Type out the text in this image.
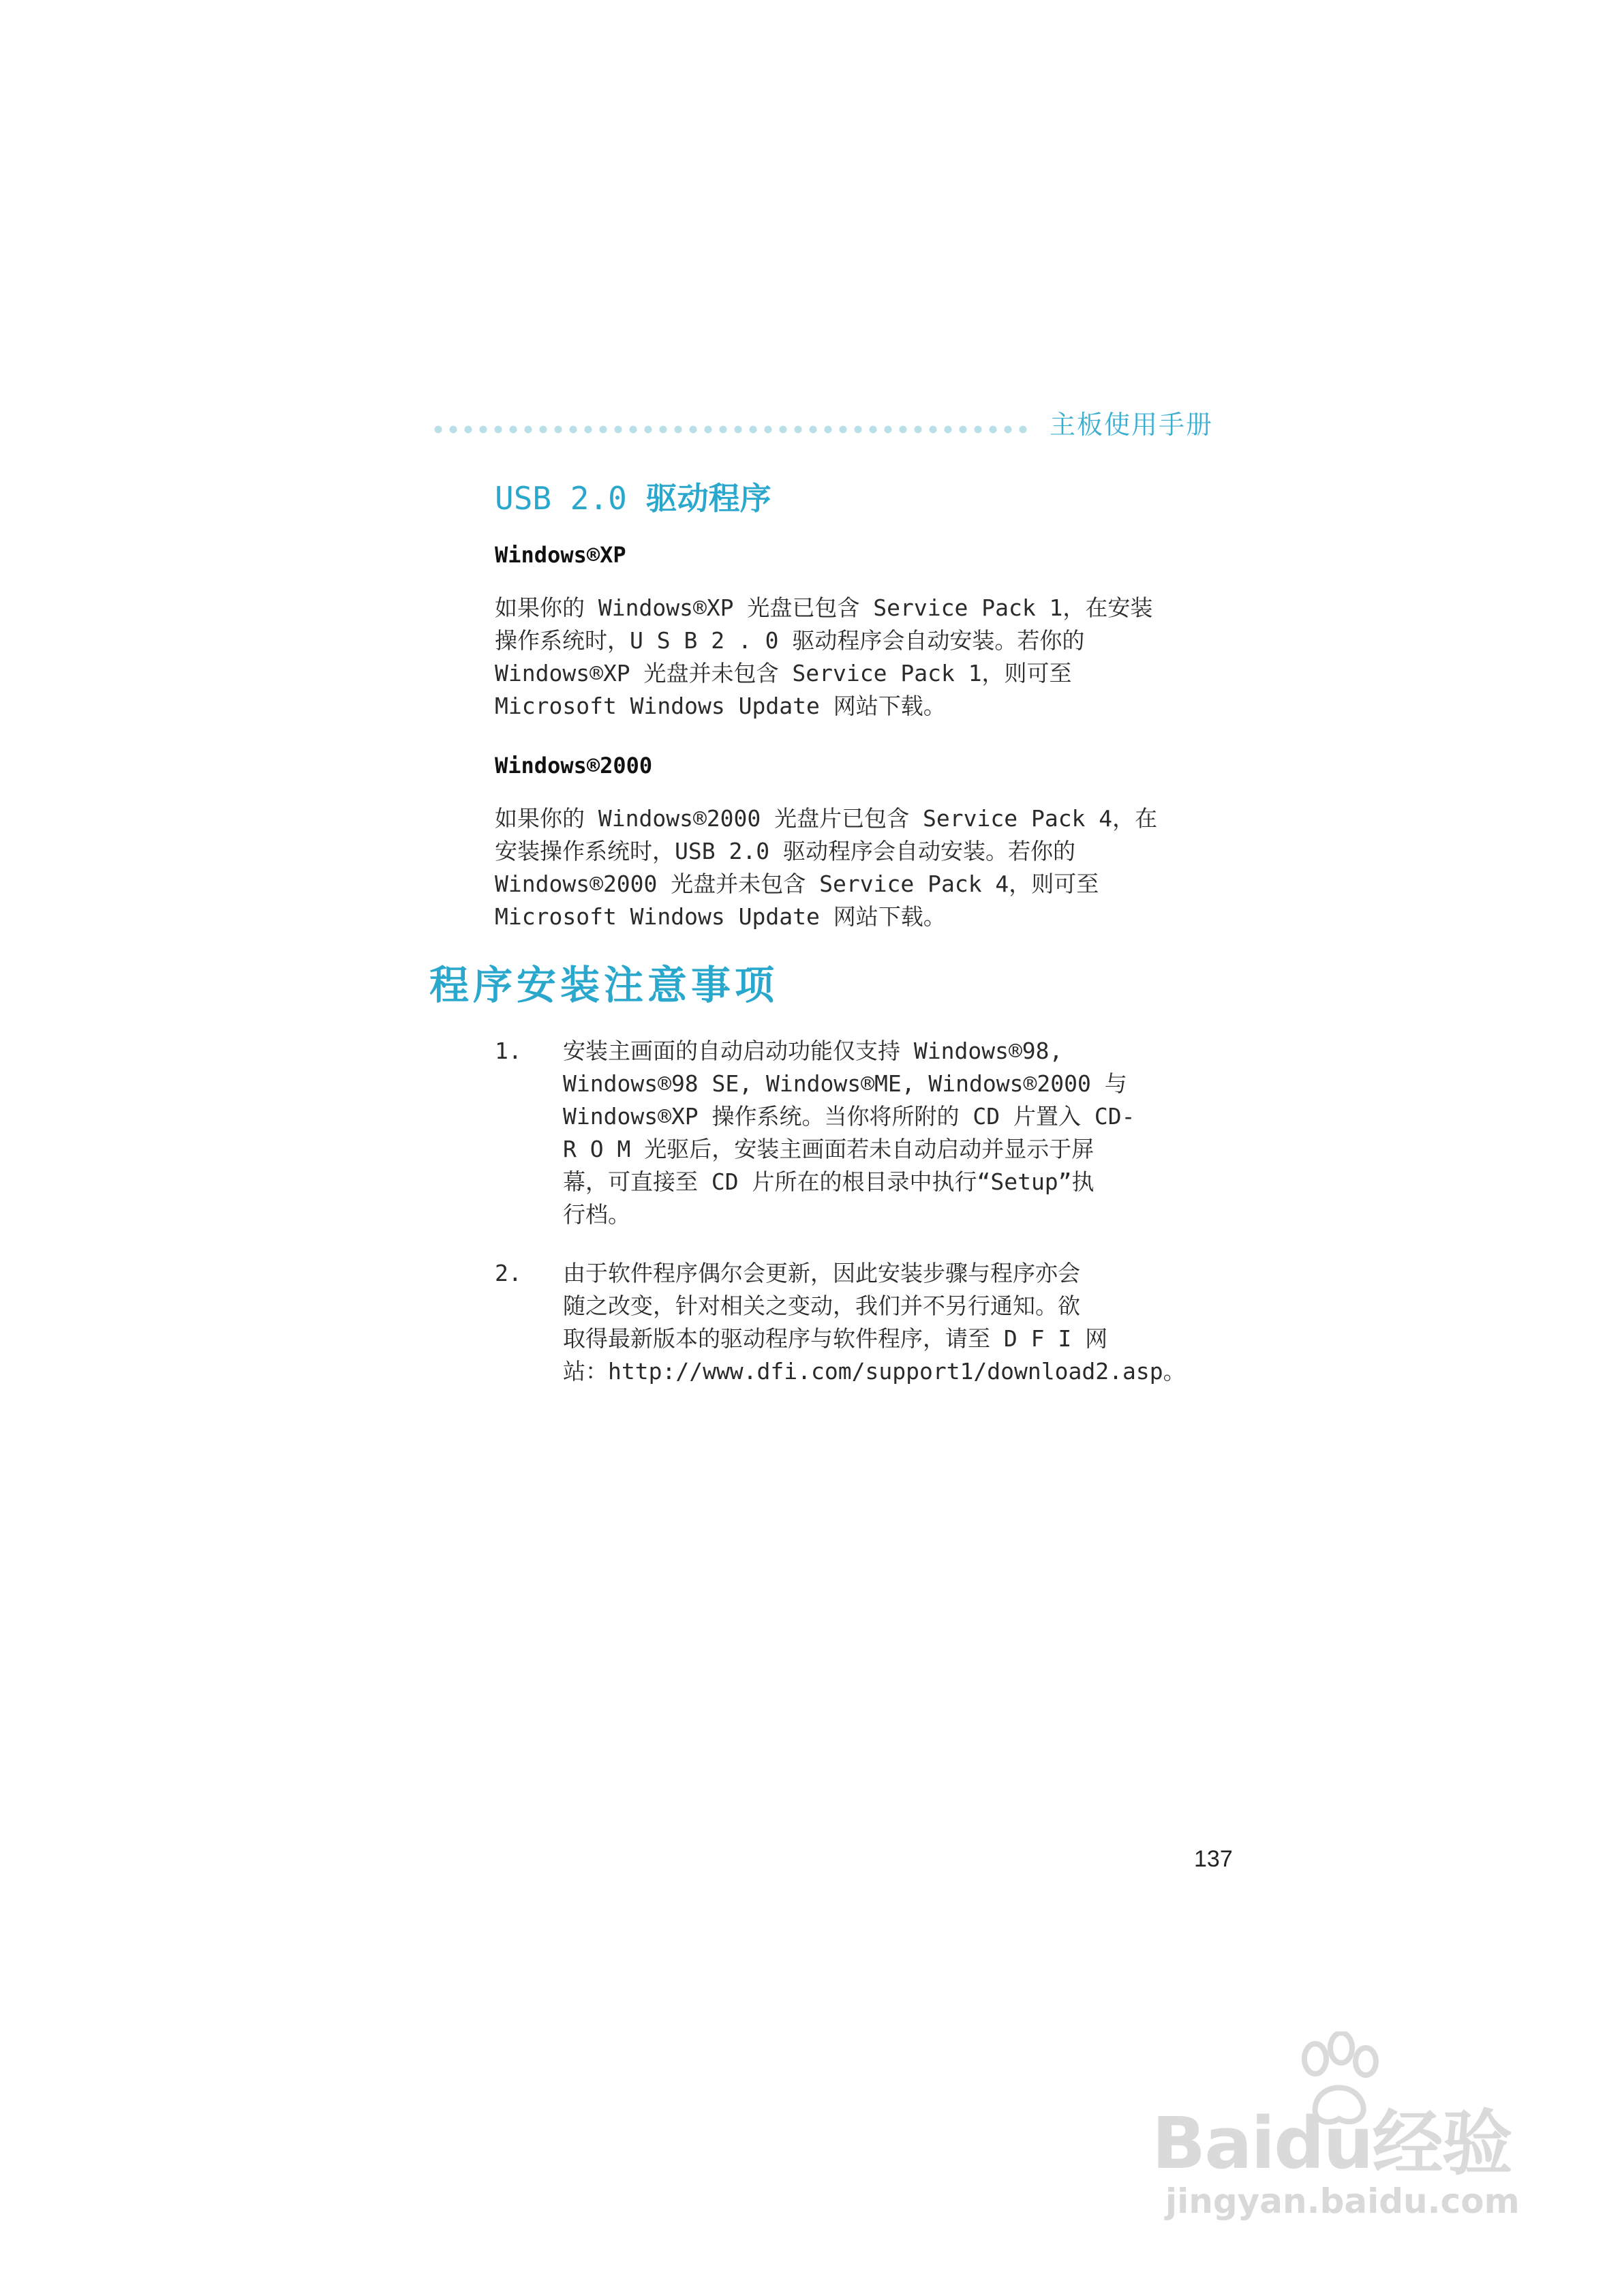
主板使用手册
USB 2.0 驱动程序
Windows®XP
如果你的 Windows®XP 光盘已包含 Service Pack 1，在安装
操作系统时，U S B 2 . 0 驱动程序会自动安装。若你的
Windows®XP 光盘并未包含 Service Pack 1，则可至
Microsoft Windows Update 网站下载。
Windows®2000
如果你的 Windows®2000 光盘片已包含 Service Pack 4，在
安装操作系统时，USB 2.0 驱动程序会自动安装。若你的
Windows®2000 光盘并未包含 Service Pack 4，则可至
Microsoft Windows Update 网站下载。
程序安装注意事项
1. 安装主画面的自动启动功能仅支持 Windows®98,
Windows®98 SE, Windows®ME, Windows®2000 与
Windows®XP 操作系统。当你将所附的 CD 片置入 CD-
R O M 光驱后，安装主画面若未自动启动并显示于屏
幕，可直接至 CD 片所在的根目录中执行“Setup”执
行档。
2. 由于软件程序偶尔会更新，因此安装步骤与程序亦会
随之改变，针对相关之变动，我们并不另行通知。欲
取得最新版本的驱动程序与软件程序，请至 D F I 网
站：http://www.dfi.com/support1/download2.asp。
137
Baidu经验
jingyan.baidu.com
